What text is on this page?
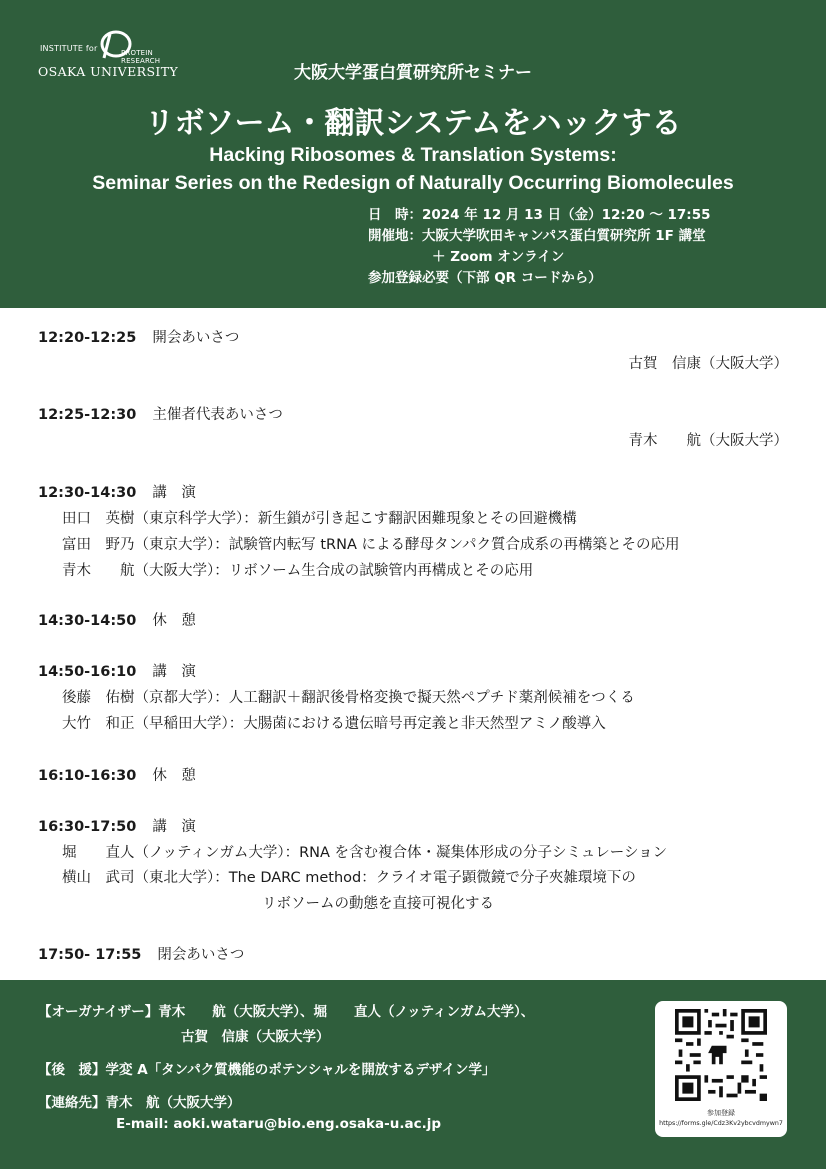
INSTITUTE for	PROTEIN RESEARCH
OSAKA UNIVERSITY	大阪大学蛋白質研究所セミナー
リボソーム・翻訳システムをハックする
Hacking Ribosomes & Translation Systems:
Seminar Series on the Redesign of Naturally Occurring Biomolecules
日　時：2024 年 12 月 13 日（金）12:20 〜 17:55
開催地：大阪大学吹田キャンパス蛋白質研究所 1F 講堂
＋ Zoom オンライン
参加登録必要（下部 QR コードから）
12:20-12:25 開会あいさつ
古賀　信康（大阪大学）
12:25-12:30 主催者代表あいさつ
青木　　航（大阪大学）
12:30-14:30 講　演
田口　英樹（東京科学大学）：新生鎖が引き起こす翻訳困難現象とその回避機構
富田　野乃（東京大学）：試験管内転写 tRNA による酵母タンパク質合成系の再構築とその応用
青木　　航（大阪大学）：リボソーム生合成の試験管内再構成とその応用
14:30-14:50 休　憩
14:50-16:10 講　演
後藤　佑樹（京都大学）：人工翻訳＋翻訳後骨格変換で擬天然ペプチド薬剤候補をつくる
大竹　和正（早稲田大学）：大腸菌における遺伝暗号再定義と非天然型アミノ酸導入
16:10-16:30 休　憩
16:30-17:50 講　演
堀　　直人（ノッティンガム大学）：RNA を含む複合体・凝集体形成の分子シミュレーション
横山　武司（東北大学）：The DARC method：クライオ電子顕微鏡で分子夾雑環境下の
リボソームの動態を直接可視化する
17:50- 17:55 閉会あいさつ
【オーガナイザー】青木　　航（大阪大学）、堀　　直人（ノッティンガム大学）、
古賀　信康（大阪大学）
【後　援】学変 A「タンパク質機能のポテンシャルを開放するデザイン学」
【連絡先】青木　航（大阪大学）
E-mail: aoki.wataru@bio.eng.osaka-u.ac.jp
参加登録
https://forms.gle/Cdz3Kv2ybcvdmywn7
